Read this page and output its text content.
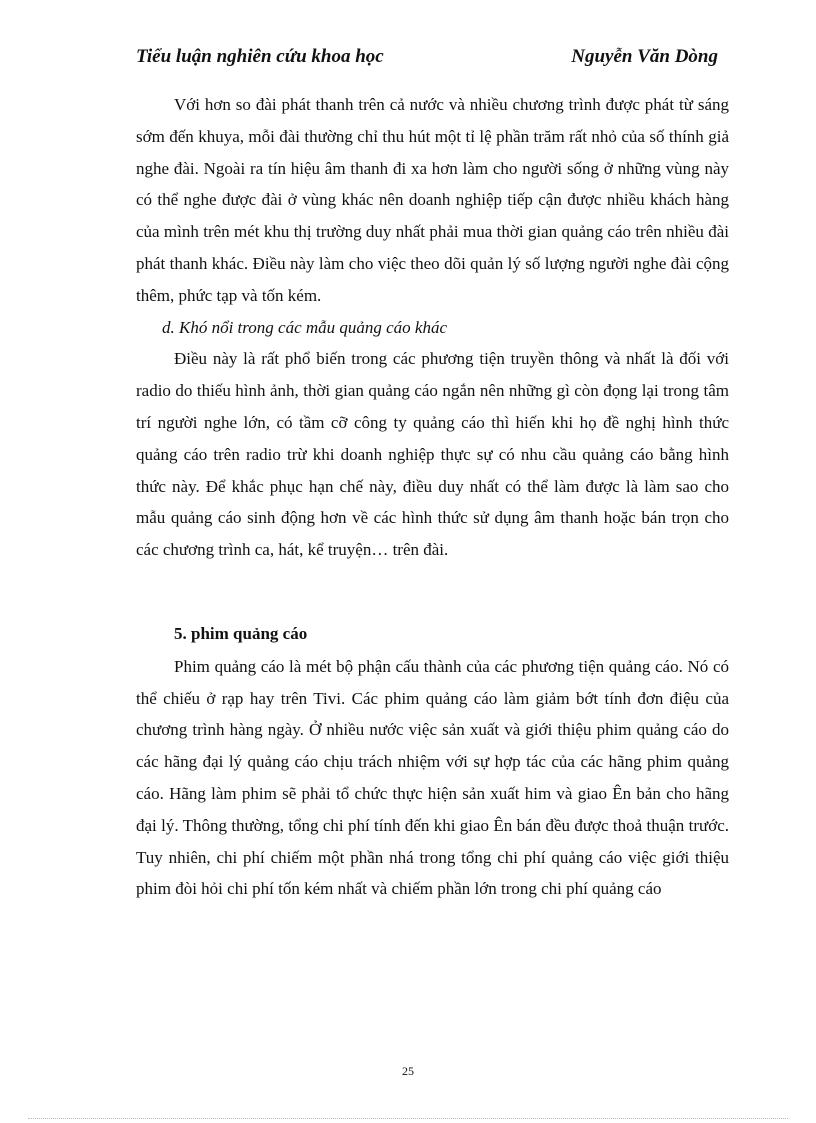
Tiểu luận nghiên cứu khoa học	Nguyễn Văn Dòng

Với hơn so đài phát thanh trên cả nước và nhiều chương trình được phát từ sáng sớm đến khuya, mỗi đài thường chỉ thu hút một tỉ lệ phần trăm rất nhỏ của số thính giả nghe đài. Ngoài ra tín hiệu âm thanh đi xa hơn làm cho người sống ở những vùng này có thể nghe được đài ở vùng khác nên doanh nghiệp tiếp cận được nhiều khách hàng của mình trên mét khu thị trường duy nhất phải mua thời gian quảng cáo trên nhiều đài phát thanh khác. Điều này làm cho việc theo dõi quản lý số lượng người nghe đài cộng thêm, phức tạp và tốn kém.

d. Khó nổi trong các mẫu quảng cáo khác

Điều này là rất phổ biến trong các phương tiện truyền thông và nhất là đối với radio do thiếu hình ảnh, thời gian quảng cáo ngắn nên những gì còn đọng lại trong tâm trí người nghe lớn, có tầm cỡ công ty quảng cáo thì hiến khi họ đề nghị hình thức quảng cáo trên radio trừ khi doanh nghiệp thực sự có nhu cầu quảng cáo bằng hình thức này. Để khắc phục hạn chế này, điều duy nhất có thể làm được là làm sao cho mẫu quảng cáo sinh động hơn về các hình thức sử dụng âm thanh hoặc bán trọn cho các chương trình ca, hát, kể truyện… trên đài.

5. phim quảng cáo

Phim quảng cáo là mét bộ phận cấu thành của các phương tiện quảng cáo. Nó có thể chiếu ở rạp hay trên Tivi. Các phim quảng cáo làm giảm bớt tính đơn điệu của chương trình hàng ngày. Ở nhiều nước việc sản xuất và giới thiệu phim quảng cáo do các hãng đại lý quảng cáo chịu trách nhiệm với sự hợp tác của các hãng phim quảng cáo. Hãng làm phim sẽ phải tổ chức thực hiện sản xuất him và giao Ên bản cho hãng đại lý. Thông thường, tổng chi phí tính đến khi giao Ên bán đều được thoả thuận trước. Tuy nhiên, chi phí chiếm một phần nhá trong tổng chi phí quảng cáo việc giới thiệu phim đòi hỏi chi phí tốn kém nhất và chiếm phần lớn trong chi phí quảng cáo

25
